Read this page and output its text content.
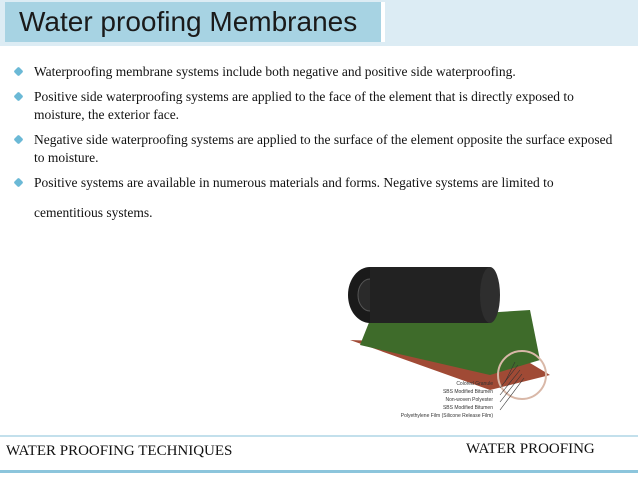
Water proofing Membranes
Waterproofing membrane systems include both negative and positive side waterproofing.
Positive side waterproofing systems are applied to the face of the element that is directly exposed to moisture, the exterior face.
Negative side waterproofing systems are applied to the surface of the element opposite the surface exposed to moisture.
Positive systems are available in numerous materials and forms. Negative systems are limited to
cementitious systems.
Colored Granule
SBS Modified Bitumen
Non-woven Polyester
SBS Modified Bitumen
Polyethylene Film (Silicone Release Film)
WATER PROOFING TECHNIQUES	WATER PROOFING
